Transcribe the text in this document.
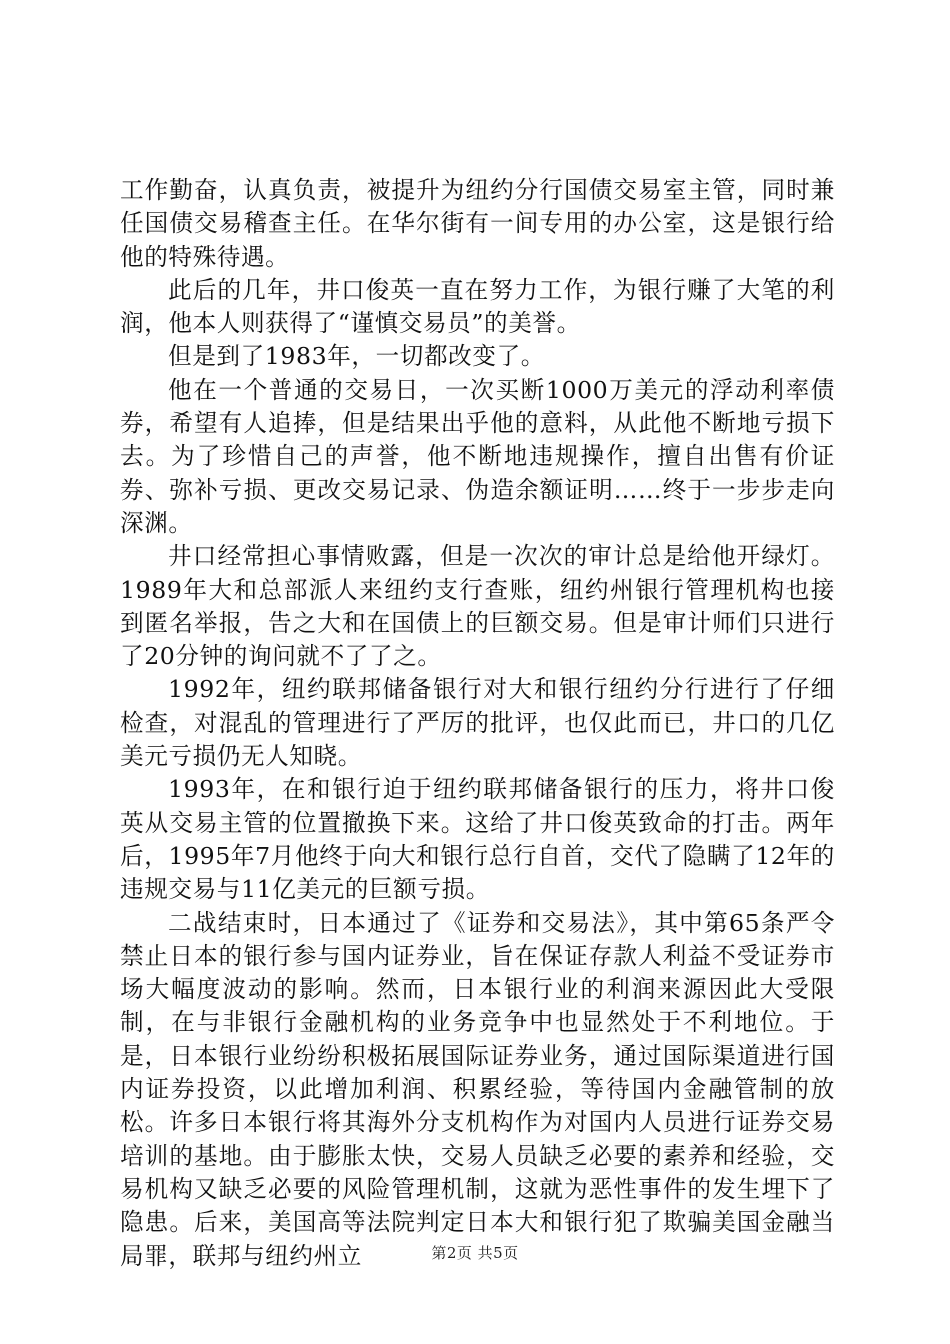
工作勤奋，认真负责，被提升为纽约分行国债交易室主管，同时兼任国债交易稽查主任。在华尔街有一间专用的办公室，这是银行给他的特殊待遇。

此后的几年，井口俊英一直在努力工作，为银行赚了大笔的利润，他本人则获得了“谨慎交易员”的美誉。

但是到了1983年，一切都改变了。

他在一个普通的交易日，一次买断1000万美元的浮动利率债券，希望有人追捧，但是结果出乎他的意料，从此他不断地亏损下去。为了珍惜自己的声誉，他不断地违规操作，擅自出售有价证券、弥补亏损、更改交易记录、伪造余额证明……终于一步步走向深渊。

井口经常担心事情败露，但是一次次的审计总是给他开绿灯。1989年大和总部派人来纽约支行查账，纽约州银行管理机构也接到匿名举报，告之大和在国债上的巨额交易。但是审计师们只进行了20分钟的询问就不了了之。

1992年，纽约联邦储备银行对大和银行纽约分行进行了仔细检查，对混乱的管理进行了严厉的批评，也仅此而已，井口的几亿美元亏损仍无人知晓。

1993年，在和银行迫于纽约联邦储备银行的压力，将井口俊英从交易主管的位置撤换下来。这给了井口俊英致命的打击。两年后，1995年7月他终于向大和银行总行自首，交代了隐瞒了12年的违规交易与11亿美元的巨额亏损。

二战结束时，日本通过了《证券和交易法》，其中第65条严令禁止日本的银行参与国内证券业，旨在保证存款人利益不受证券市场大幅度波动的影响。然而，日本银行业的利润来源因此大受限制，在与非银行金融机构的业务竞争中也显然处于不利地位。于是，日本银行业纷纷积极拓展国际证券业务，通过国际渠道进行国内证券投资，以此增加利润、积累经验，等待国内金融管制的放松。许多日本银行将其海外分支机构作为对国内人员进行证券交易培训的基地。由于膨胀太快，交易人员缺乏必要的素养和经验，交易机构又缺乏必要的风险管理机制，这就为恶性事件的发生埋下了隐患。后来，美国高等法院判定日本大和银行犯了欺骗美国金融当局罪，联邦与纽约州立	第2页 共5页
